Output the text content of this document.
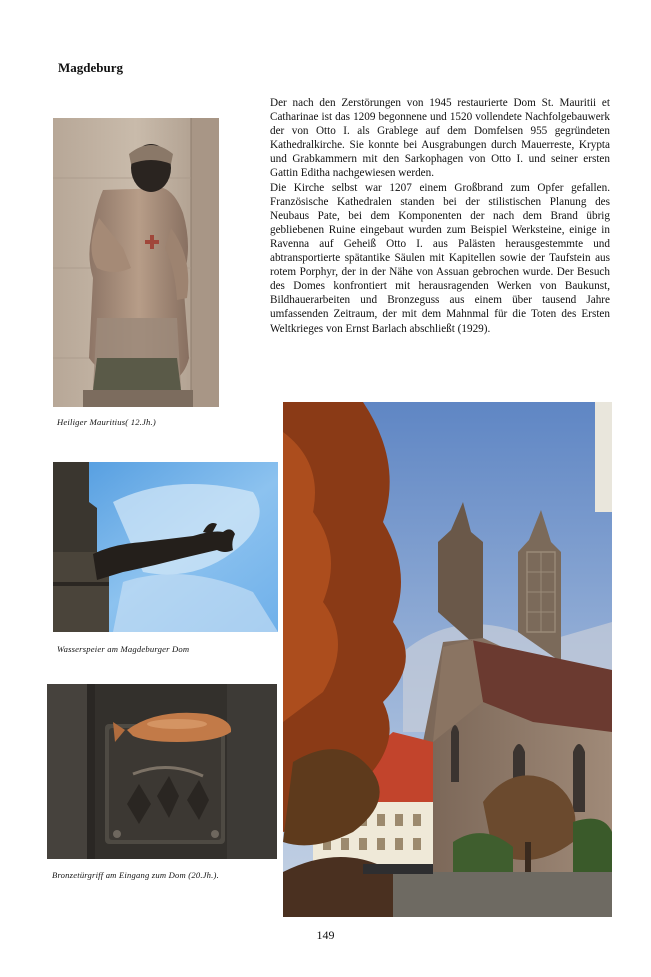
Magdeburg

Der nach den Zerstörungen von 1945 restaurierte Dom St. Mauritii et Catharinae ist das 1209 begonnene und 1520 vollendete Nachfolgebauwerk der von Otto I. als Grablege auf dem Domfelsen 955 gegründeten Kathedralkirche. Sie konnte bei Ausgrabungen durch Mauerreste, Krypta und Grabkammern mit den Sarkophagen von Otto I. und seiner ersten Gattin Editha nachgewiesen werden.

Die Kirche selbst war 1207 einem Großbrand zum Opfer gefallen. Französische Kathedralen standen bei der stilistischen Planung des Neubaus Pate, bei dem Komponenten der nach dem Brand übrig gebliebenen Ruine eingebaut wurden zum Beispiel Werksteine, einige in Ravenna auf Geheiß Otto I. aus Palästen herausgestemmte und abtransportierte spätantike Säulen mit Kapitellen sowie der Taufstein aus rotem Porphyr, der in der Nähe von Assuan gebrochen wurde. Der Besuch des Domes konfrontiert mit herausragenden Werken von Baukunst, Bildhauerarbeiten und Bronzeguss aus einem über tausend Jahre umfassenden Zeitraum, der mit dem Mahnmal für die Toten des Ersten Weltkrieges von Ernst Barlach abschließt (1929).

Heiliger Mauritius( 12.Jh.)
Wasserspeier am Magdeburger Dom
Bronzetürgriff am Eingang zum Dom (20.Jh.).
149
